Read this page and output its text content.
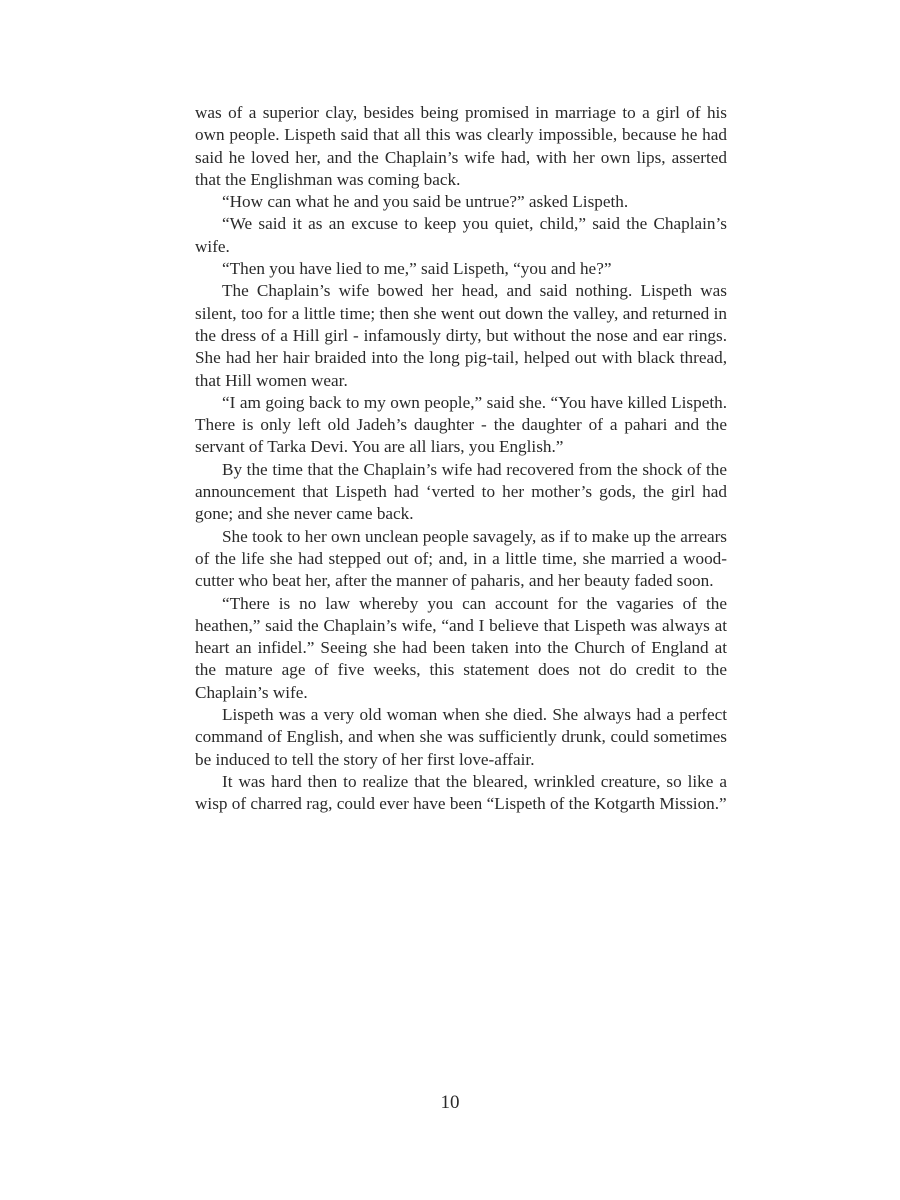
was of a superior clay, besides being promised in marriage to a girl of his own people. Lispeth said that all this was clearly impossible, because he had said he loved her, and the Chaplain’s wife had, with her own lips, asserted that the Englishman was coming back.

“How can what he and you said be untrue?” asked Lispeth.

“We said it as an excuse to keep you quiet, child,” said the Chaplain’s wife.

“Then you have lied to me,” said Lispeth, “you and he?”

The Chaplain’s wife bowed her head, and said nothing. Lispeth was silent, too for a little time; then she went out down the valley, and returned in the dress of a Hill girl - infamously dirty, but without the nose and ear rings. She had her hair braided into the long pig-tail, helped out with black thread, that Hill women wear.

“I am going back to my own people,” said she. “You have killed Lispeth. There is only left old Jadeh’s daughter - the daughter of a pahari and the servant of Tarka Devi. You are all liars, you English.”

By the time that the Chaplain’s wife had recovered from the shock of the announcement that Lispeth had ‘verted to her mother’s gods, the girl had gone; and she never came back.

She took to her own unclean people savagely, as if to make up the arrears of the life she had stepped out of; and, in a little time, she married a wood-cutter who beat her, after the manner of paharis, and her beauty faded soon.

“There is no law whereby you can account for the vagaries of the heathen,” said the Chaplain’s wife, “and I believe that Lispeth was always at heart an infidel.” Seeing she had been taken into the Church of England at the mature age of five weeks, this statement does not do credit to the Chaplain’s wife.

Lispeth was a very old woman when she died. She always had a perfect command of English, and when she was sufficiently drunk, could sometimes be induced to tell the story of her first love-affair.

It was hard then to realize that the bleared, wrinkled creature, so like a wisp of charred rag, could ever have been “Lispeth of the Kotgarth Mission.”

10
